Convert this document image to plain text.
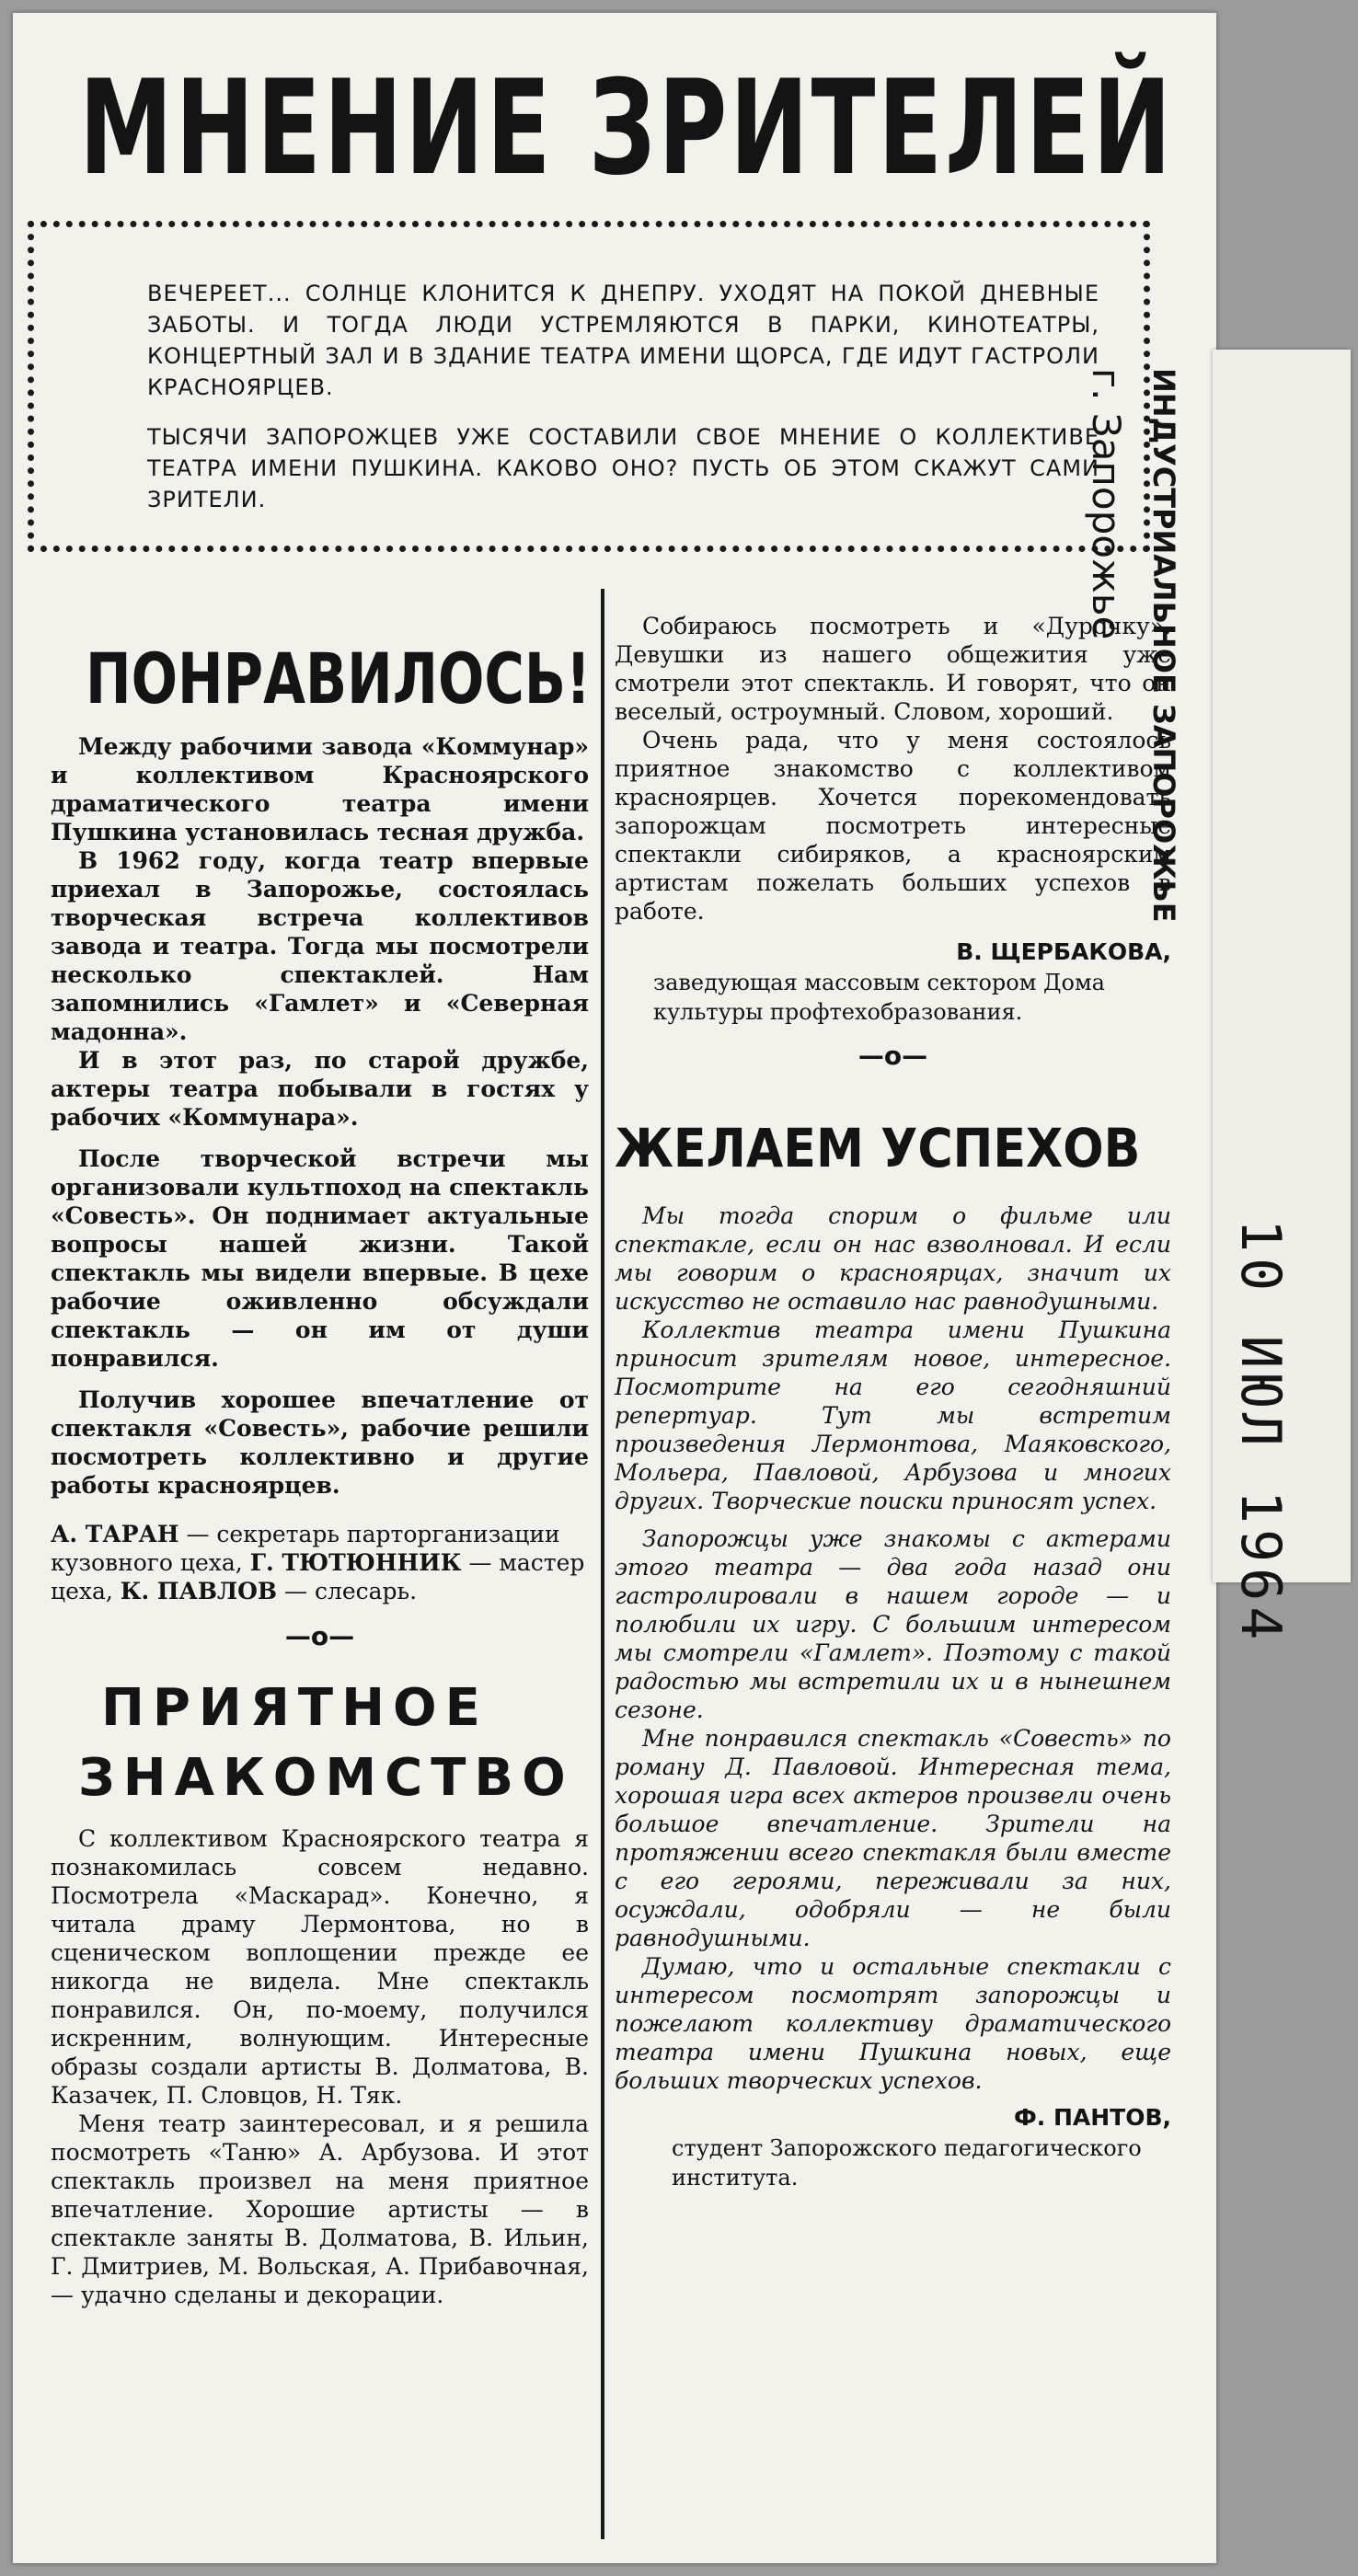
МНЕНИЕ ЗРИТЕЛЕЙ
ВЕЧЕРЕЕТ... СОЛНЦЕ КЛОНИТСЯ К ДНЕПРУ. УХОДЯТ НА ПОКОЙ ДНЕВНЫЕ ЗАБОТЫ. И ТОГДА ЛЮДИ УСТРЕМЛЯЮТСЯ В ПАРКИ, КИНОТЕАТРЫ, КОНЦЕРТНЫЙ ЗАЛ И В ЗДАНИЕ ТЕАТРА ИМЕНИ ЩОРСА, ГДЕ ИДУТ ГАСТРОЛИ КРАСНОЯРЦЕВ.
ТЫСЯЧИ ЗАПОРОЖЦЕВ УЖЕ СОСТАВИЛИ СВОЕ МНЕНИЕ О КОЛЛЕКТИВЕ ТЕАТРА ИМЕНИ ПУШКИНА. КАКОВО ОНО? ПУСТЬ ОБ ЭТОМ СКАЖУТ САМИ ЗРИТЕЛИ.	ИНДУСТРИАЛЬНОЕ ЗАПОРОЖЬЕ
г. Запорожье
10 ИЮЛ 1964
ПОНРАВИЛОСЬ!

Между рабочими завода «Коммунар» и коллективом Красноярского драматического театра имени Пушкина установилась тесная дружба.

В 1962 году, когда театр впервые приехал в Запорожье, состоялась творческая встреча коллективов завода и театра. Тогда мы посмотрели несколько спектаклей. Нам запомнились «Гамлет» и «Северная мадонна».

И в этот раз, по старой дружбе, актеры театра побывали в гостях у рабочих «Коммунара».

После творческой встречи мы организовали культпоход на спектакль «Совесть». Он поднимает актуальные вопросы нашей жизни. Такой спектакль мы видели впервые. В цехе рабочие оживленно обсуждали спектакль — он им от души понравился.

Получив хорошее впечатление от спектакля «Совесть», рабочие решили посмотреть коллективно и другие работы красноярцев.

А. ТАРАН — секретарь парторганизации кузовного цеха, Г. ТЮТЮННИК — мастер цеха, К. ПАВЛОВ — слесарь.

—о—
ПРИЯТНОЕ
ЗНАКОМСТВО

С коллективом Красноярского театра я познакомилась совсем недавно. Посмотрела «Маскарад». Конечно, я читала драму Лермонтова, но в сценическом воплощении прежде ее никогда не видела. Мне спектакль понравился. Он, по-моему, получился искренним, волнующим. Интересные образы создали артисты В. Долматова, В. Казачек, П. Словцов, Н. Тяк.

Меня театр заинтересовал, и я решила посмотреть «Таню» А. Арбузова. И этот спектакль произвел на меня приятное впечатление. Хорошие артисты — в спектакле заняты В. Долматова, В. Ильин, Г. Дмитриев, М. Вольская, А. Прибавочная, — удачно сделаны и декорации.

Собираюсь посмотреть и «Дурочку». Девушки из нашего общежития уже смотрели этот спектакль. И говорят, что он веселый, остроумный. Словом, хороший.

Очень рада, что у меня состоялось приятное знакомство с коллективом красноярцев. Хочется порекомендовать запорожцам посмотреть интересные спектакли сибиряков, а красноярским артистам пожелать больших успехов в работе.

В. ЩЕРБАКОВА,

заведующая массовым сектором Дома культуры профтехобразования.

—о—
ЖЕЛАЕМ УСПЕХОВ

Мы тогда спорим о фильме или спектакле, если он нас взволновал. И если мы говорим о красноярцах, значит их искусство не оставило нас равнодушными.

Коллектив театра имени Пушкина приносит зрителям новое, интересное. Посмотрите на его сегодняшний репертуар. Тут мы встретим произведения Лермонтова, Маяковского, Мольера, Павловой, Арбузова и многих других. Творческие поиски приносят успех.

Запорожцы уже знакомы с актерами этого театра — два года назад они гастролировали в нашем городе — и полюбили их игру. С большим интересом мы смотрели «Гамлет». Поэтому с такой радостью мы встретили их и в нынешнем сезоне.

Мне понравился спектакль «Совесть» по роману Д. Павловой. Интересная тема, хорошая игра всех актеров произвели очень большое впечатление. Зрители на протяжении всего спектакля были вместе с его героями, переживали за них, осуждали, одобряли — не были равнодушными.

Думаю, что и остальные спектакли с интересом посмотрят запорожцы и пожелают коллективу драматического театра имени Пушкина новых, еще больших творческих успехов.

Ф. ПАНТОВ,

студент Запорожского педагогического института.
